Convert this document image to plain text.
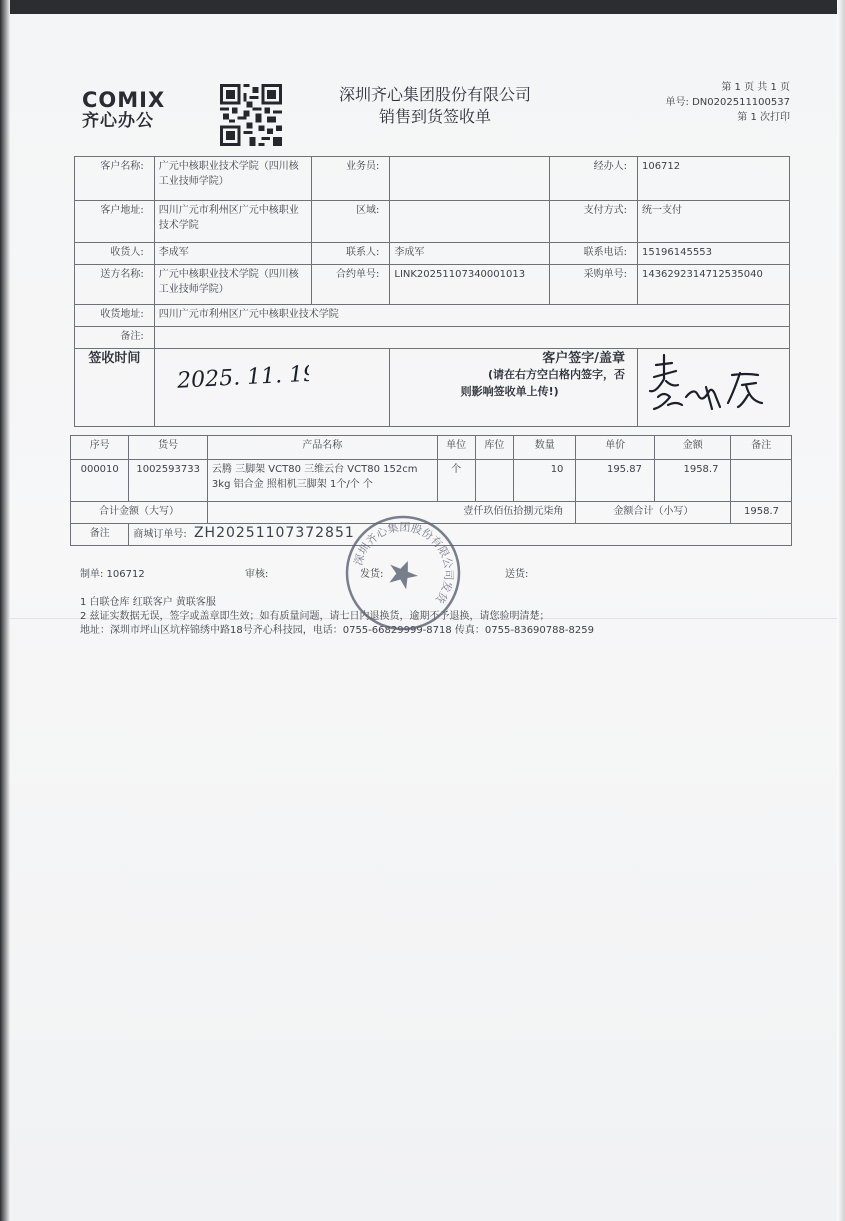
COMIX
齐心办公
深圳齐心集团股份有限公司
销售到货签收单
第 1 页 共 1 页
单号: DN0202511100537
第 1 次打印
客户名称:	广元中核职业技术学院（四川核工业技师学院）	业务员:		经办人:	106712
客户地址:	四川广元市利州区广元中核职业技术学院	区域:		支付方式:	统一支付
收货人:	李成军	联系人:	李成军	联系电话:	15196145553
送方名称:	广元中核职业技术学院（四川核工业技师学院）	合约单号:	LINK20251107340001013	采购单号:	1436292314712535040
收货地址:	四川广元市利州区广元中核职业技术学院				
备注:					
签收时间	2025. 11. 19		客户签字/盖章
(请在右方空白格内签字，否
则影响签收单上传!)

序号	货号	产品名称	单位	库位	数量	单价	金额	备注
000010	1002593733	云腾 三脚架 VCT80 三维云台 VCT80 152cm 3kg 铝合金 照相机三脚架 1个/个 个	个		10	195.87	1958.7	
合计金额（大写）		壹仟玖佰伍拾捌元柒角				金额合计（小写）		1958.7
备注	商城订单号: ZH20251107372851							
制单: 106712	审核:	发货:	送货:
1 白联仓库 红联客户 黄联客服
2 兹证实数据无误，签字或盖章即生效；如有质量问题，请七日内退换货，逾期不予退换，请您验明清楚；
地址：深圳市坪山区坑梓锦绣中路18号齐心科技园，电话：0755-66829999-8718 传真：0755-83690788-8259
深圳齐心集团股份有限公司发货专用章
